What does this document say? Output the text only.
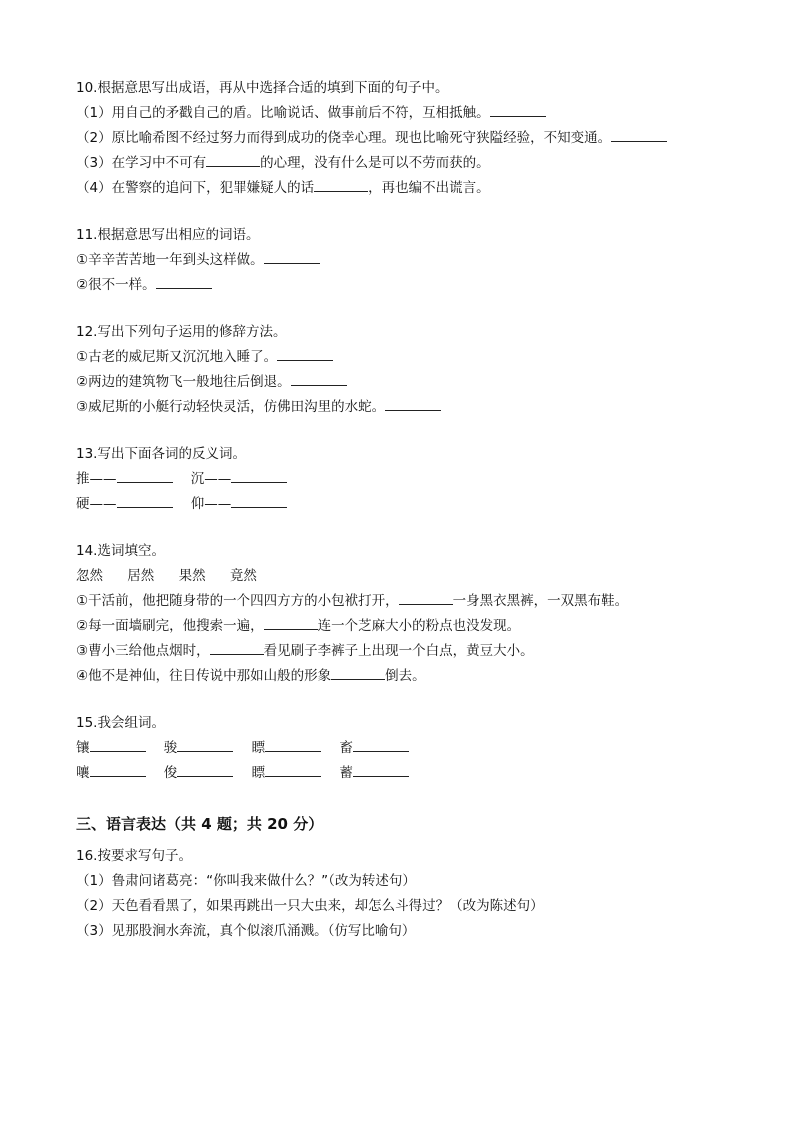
10.根据意思写出成语，再从中选择合适的填到下面的句子中。
（1）用自己的矛戳自己的盾。比喻说话、做事前后不符，互相抵触。
（2）原比喻希图不经过努力而得到成功的侥幸心理。现也比喻死守狭隘经验，不知变通。
（3）在学习中不可有	的心理，没有什么是可以不劳而获的。
（4）在警察的追问下，犯罪嫌疑人的话	，再也编不出谎言。
11.根据意思写出相应的词语。
①辛辛苦苦地一年到头这样做。
②很不一样。
12.写出下列句子运用的修辞方法。
①古老的威尼斯又沉沉地入睡了。
②两边的建筑物飞一般地往后倒退。
③威尼斯的小艇行动轻快灵活，仿佛田沟里的水蛇。
13.写出下面各词的反义词。
推——	沉——
硬——	仰——
14.选词填空。
忽然 居然 果然 竟然
①干活前，他把随身带的一个四四方方的小包袱打开，	一身黑衣黑裤，一双黑布鞋。
②每一面墙刷完，他搜索一遍，	连一个芝麻大小的粉点也没发现。
③曹小三给他点烟时，	看见刷子李裤子上出现一个白点，黄豆大小。
④他不是神仙，往日传说中那如山般的形象	倒去。
15.我会组词。
镶	骏	瞟	畜
嚷	俊	瞟	蓄
三、语言表达（共 4 题；共 20 分）
16.按要求写句子。
（1）鲁肃问诸葛亮：“你叫我来做什么？”（改为转述句）
（2）天色看看黑了，如果再跳出一只大虫来，却怎么斗得过？（改为陈述句）
（3）见那股涧水奔流，真个似滚爪涌溅。（仿写比喻句）
